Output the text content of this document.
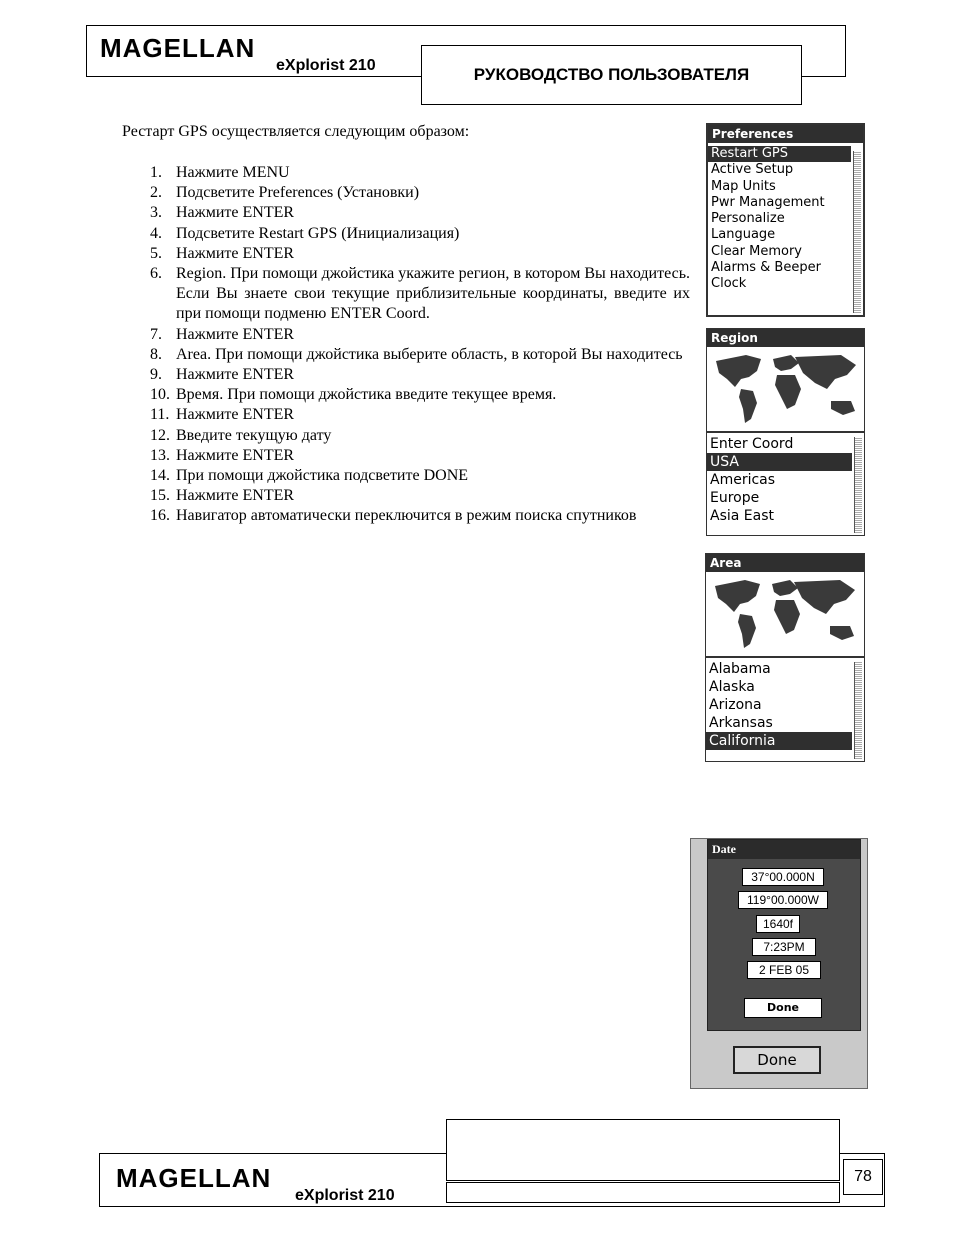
MAGELLAN
eXplorist 210	РУКОВОДСТВО ПОЛЬЗОВАТЕЛЯ
Рестарт GPS осуществляется следующим образом:
1. Нажмите MENU
2. Подсветите Preferences (Установки)
3. Нажмите ENTER
4. Подсветите Restart GPS (Инициализация)
5. Нажмите ENTER
6. Region. При помощи джойстика укажите регион, в котором Вы находитесь. Если Вы знаете свои текущие приблизительные координаты, введите их при помощи подменю ENTER Coord.
7. Нажмите ENTER
8. Area. При помощи джойстика выберите область, в которой Вы находитесь
9. Нажмите ENTER
10. Время. При помощи джойстика введите текущее время.
11. Нажмите ENTER
12. Введите текущую дату
13. Нажмите ENTER
14. При помощи джойстика подсветите DONE
15. Нажмите ENTER
16. Навигатор автоматически переключится в режим поиска спутников
Preferences
Restart GPS
Active Setup
Map Units
Pwr Management
Personalize
Language
Clear Memory
Alarms & Beeper
Clock
Region
Enter Coord
USA
Americas
Europe
Asia East
Area
Alabama
Alaska
Arizona
Arkansas
California
Date
37°00.000N
119°00.000W
1640f
7:23PM
2 FEB 05
Done
Done
MAGELLAN
eXplorist 210
78
